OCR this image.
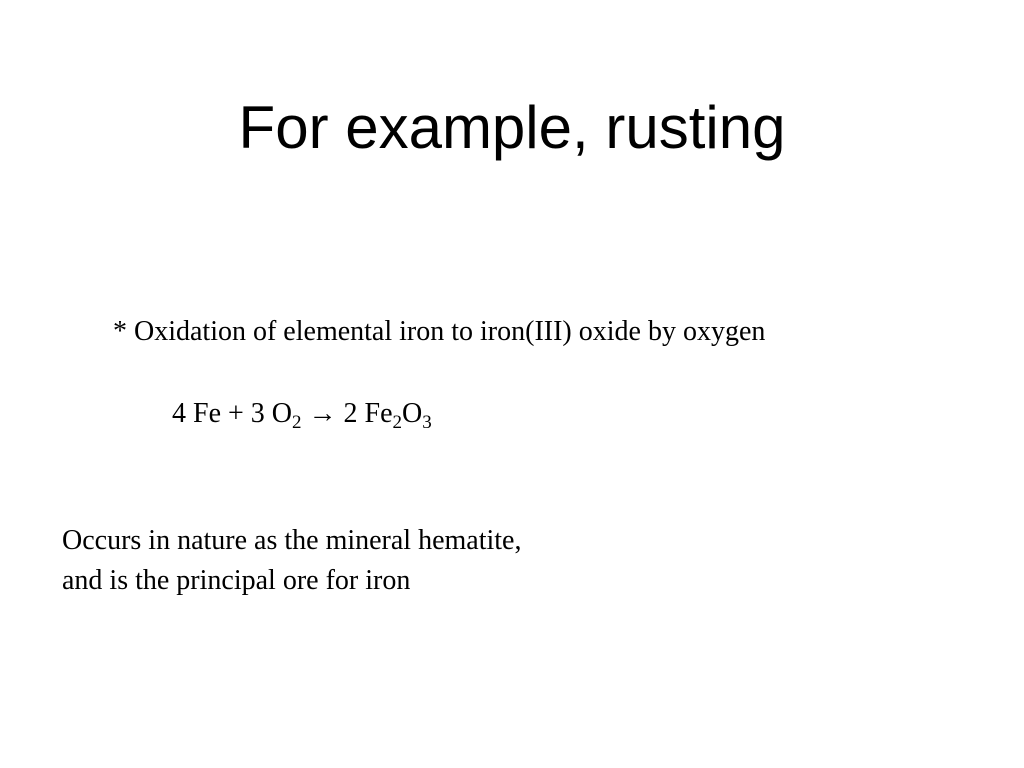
For example, rusting
* Oxidation of elemental iron to iron(III) oxide by oxygen
4 Fe + 3 $O_2 \to 2$ $Fe_2O_3$
Occurs in nature as the mineral hematite,
and is the principal ore for iron
